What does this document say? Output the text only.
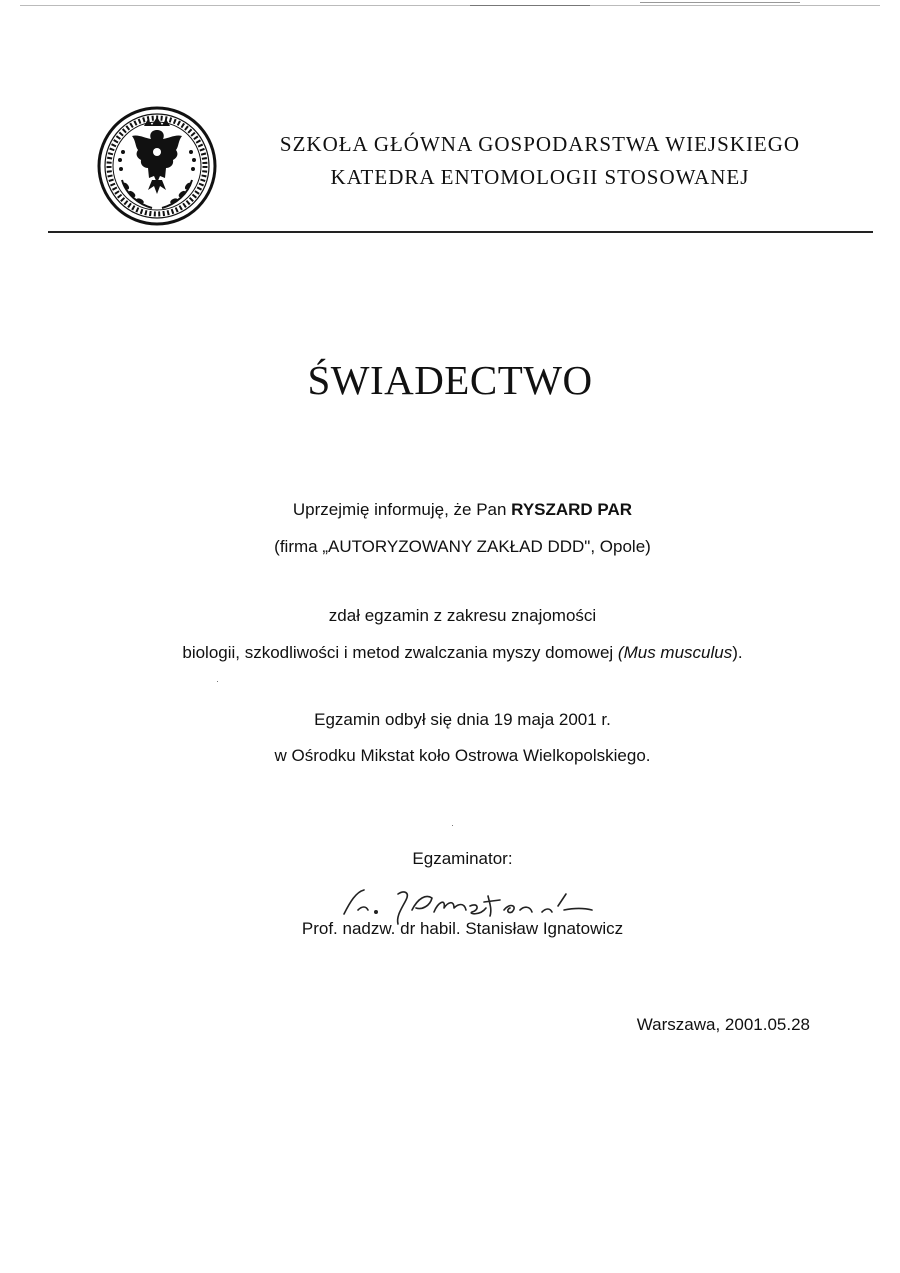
SZKOŁA GŁÓWNA GOSPODARSTWA WIEJSKIEGO
KATEDRA ENTOMOLOGII STOSOWANEJ
ŚWIADECTWO
Uprzejmię informuję, że Pan RYSZARD PAR
(firma „AUTORYZOWANY ZAKŁAD DDD", Opole)
zdał egzamin z zakresu znajomości
biologii, szkodliwości i metod zwalczania myszy domowej (Mus musculus).
Egzamin odbył się dnia 19 maja 2001 r.
w Ośrodku Mikstat koło Ostrowa Wielkopolskiego.
Egzaminator:
Prof. nadzw. dr habil. Stanisław Ignatowicz
Warszawa, 2001.05.28
